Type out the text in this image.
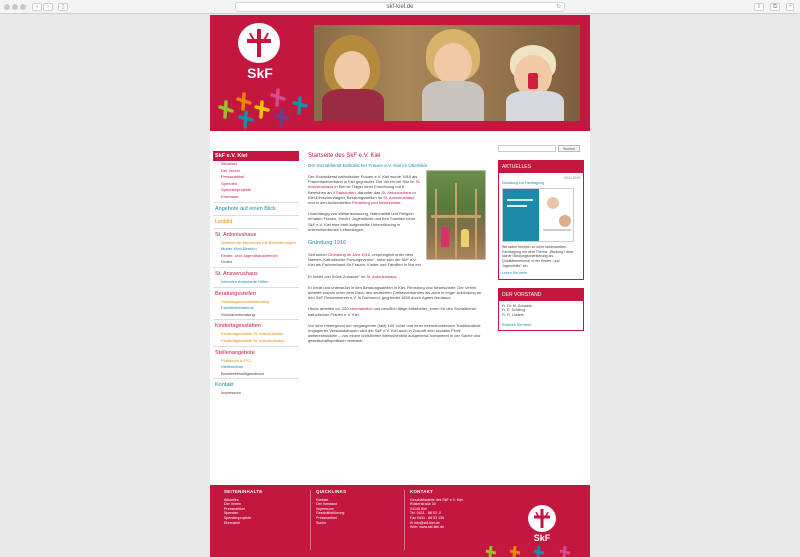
‹	›	▯	skf-kiel.de	↻	⇧	⧉	+
SkF
SkF e.V. Kiel
Aktuelles
Der Verein
Presseartikel
Spenden
Spendenprojekte
Ehrenamt
Angebote auf einen Blick
Leitbild
St. Antoniushaus
Wohnen für Menschen mit Behinderungen
Mutter-Kind-Bereich
Kinder- und Jugendhausbereich
Orden
St. Ansverushaus
Intensive Ambulante Hilfen
Beratungsstellen
Schwangerschaftsberatung
Familienhebamme
Schuldnerberatung
Kindertagesstätten
Kindertagesstätte St. Antoniushaus
Kindertagesstätte St. Ansverushaus
Stellenangebote
Praktikum & FSJ
Stellenbörse
Bundesfreiwilligendienst
Kontakt
Impressum
Startseite des SkF e.V. Kiel
Der Sozialdienst katholischer Frauen e.V. Kiel im Überblick

Der Sozialdienst katholischer Frauen e.V. Kiel wurde 1916 als Frauenfachverband in Kiel gegründet. Der Verein mit Sitz im St. Ansverushaus in Kiel ist Träger einer Einrichtung mit 6 Bereichen an 4 Standorten, darunter das St. Antoniushaus in Kiel-Elmschenhagen, Beratungsstellen im St. Ansverushaus und in den Außenstellen Flensburg und Neumünster.

Unabhängig von Weltanschauung, Nationalität und Religion erhalten Frauen, Kinder, Jugendliche und ihre Familien beim SkF e.V. Kiel eine breit aufgestellte Unterstützung in unterschiedlichen Lebenslagen.

Gründung 1916

Seit seiner Gründung im Jahr 1916, ursprünglich unter dem Namen „Katholischer Fürsorgeverein", setzt sich der SkF e.V. Kiel als Fachverband für Frauen, Kinder und Familien in Not ein.

Er bietet „ein Stück Zuhause" im St. Antoniushaus.

Er berät und unterstützt in den Beratungsstellen in Kiel, Flensburg und Neumünster. Der Verein arbeitet sowohl unter dem Dach des deutschen Caritasverbandes als auch in enger Anbindung an den SkF Gesamtverein e.V. in Dortmund, gegründet 1899 durch Agnes Neuhaus.

Heute arbeiten ca. 220 ehrenamtlich und beruflich tätige Mitarbeiter_innen für den Sozialdienst katholischer Frauen e.V. Kiel.

Vor dem Hintergrund der vergangenen (fast) 100 Jahre und einer beeindruckenden Traditionslinie engagierter Vorstandsfrauen wird der SkF e.V. Kiel auch in Zukunft sein soziales Profil weiterentwickeln – von einem christlichen Menschenbild ausgehend, kompetent in der Sache und gesellschaftspolitisch hellwach.

Suchen
AKTUELLES
30.01.2015
Einladung zur Fachtagung
Wir laden herzlich zu einer landesweiten Fachtagung mit dem Thema: „Bindung? Aber sicher! Bindungsorientierung als Qualitätsmerkmal in der Kinder- und Jugendhilfe" ein.
Lesen Sie mehr
DER VORSTAND
Fr. Dr. M. Schaarle
Fr. E. Schilling
Fr. R. Linders
Erfahren Sie mehr
SEITENINHALTE
Aktuelles
Der Verein
Presseartikel
Spenden
Spendenprojekte
Ehrenamt
QUICKLINKS
Kontakt
Der Vorstand
Impressum
Geschäftsführung
Presseartikel
Suche
KONTAKT
Geschäftsstelle des SkF e.V. Kiel
Rüsterstraße 30
24145 Kiel
Tel. 0431 - 88 53 -0
Fax 0431 - 88 53 136
✉ info@skf-kiel.de
Web: www.skf-kiel.de
SkF
